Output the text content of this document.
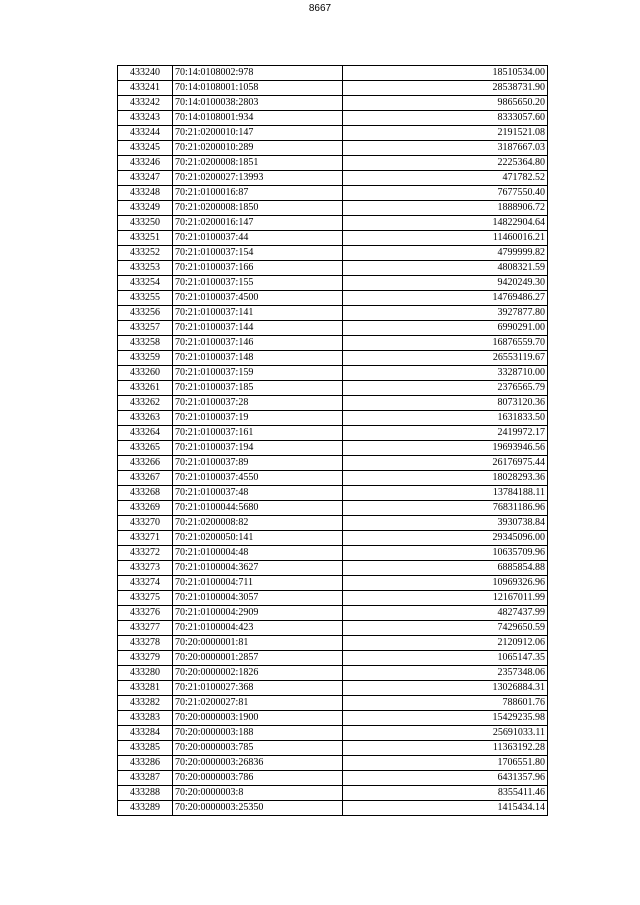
8667
433240	70:14:0108002:978	18510534.00
433241	70:14:0108001:1058	28538731.90
433242	70:14:0100038:2803	9865650.20
433243	70:14:0108001:934	8333057.60
433244	70:21:0200010:147	2191521.08
433245	70:21:0200010:289	3187667.03
433246	70:21:0200008:1851	2225364.80
433247	70:21:0200027:13993	471782.52
433248	70:21:0100016:87	7677550.40
433249	70:21:0200008:1850	1888906.72
433250	70:21:0200016:147	14822904.64
433251	70:21:0100037:44	11460016.21
433252	70:21:0100037:154	4799999.82
433253	70:21:0100037:166	4808321.59
433254	70:21:0100037:155	9420249.30
433255	70:21:0100037:4500	14769486.27
433256	70:21:0100037:141	3927877.80
433257	70:21:0100037:144	6990291.00
433258	70:21:0100037:146	16876559.70
433259	70:21:0100037:148	26553119.67
433260	70:21:0100037:159	3328710.00
433261	70:21:0100037:185	2376565.79
433262	70:21:0100037:28	8073120.36
433263	70:21:0100037:19	1631833.50
433264	70:21:0100037:161	2419972.17
433265	70:21:0100037:194	19693946.56
433266	70:21:0100037:89	26176975.44
433267	70:21:0100037:4550	18028293.36
433268	70:21:0100037:48	13784188.11
433269	70:21:0100044:5680	76831186.96
433270	70:21:0200008:82	3930738.84
433271	70:21:0200050:141	29345096.00
433272	70:21:0100004:48	10635709.96
433273	70:21:0100004:3627	6885854.88
433274	70:21:0100004:711	10969326.96
433275	70:21:0100004:3057	12167011.99
433276	70:21:0100004:2909	4827437.99
433277	70:21:0100004:423	7429650.59
433278	70:20:0000001:81	2120912.06
433279	70:20:0000001:2857	1065147.35
433280	70:20:0000002:1826	2357348.06
433281	70:21:0100027:368	13026884.31
433282	70:21:0200027:81	788601.76
433283	70:20:0000003:1900	15429235.98
433284	70:20:0000003:188	25691033.11
433285	70:20:0000003:785	11363192.28
433286	70:20:0000003:26836	1706551.80
433287	70:20:0000003:786	6431357.96
433288	70:20:0000003:8	8355411.46
433289	70:20:0000003:25350	1415434.14
